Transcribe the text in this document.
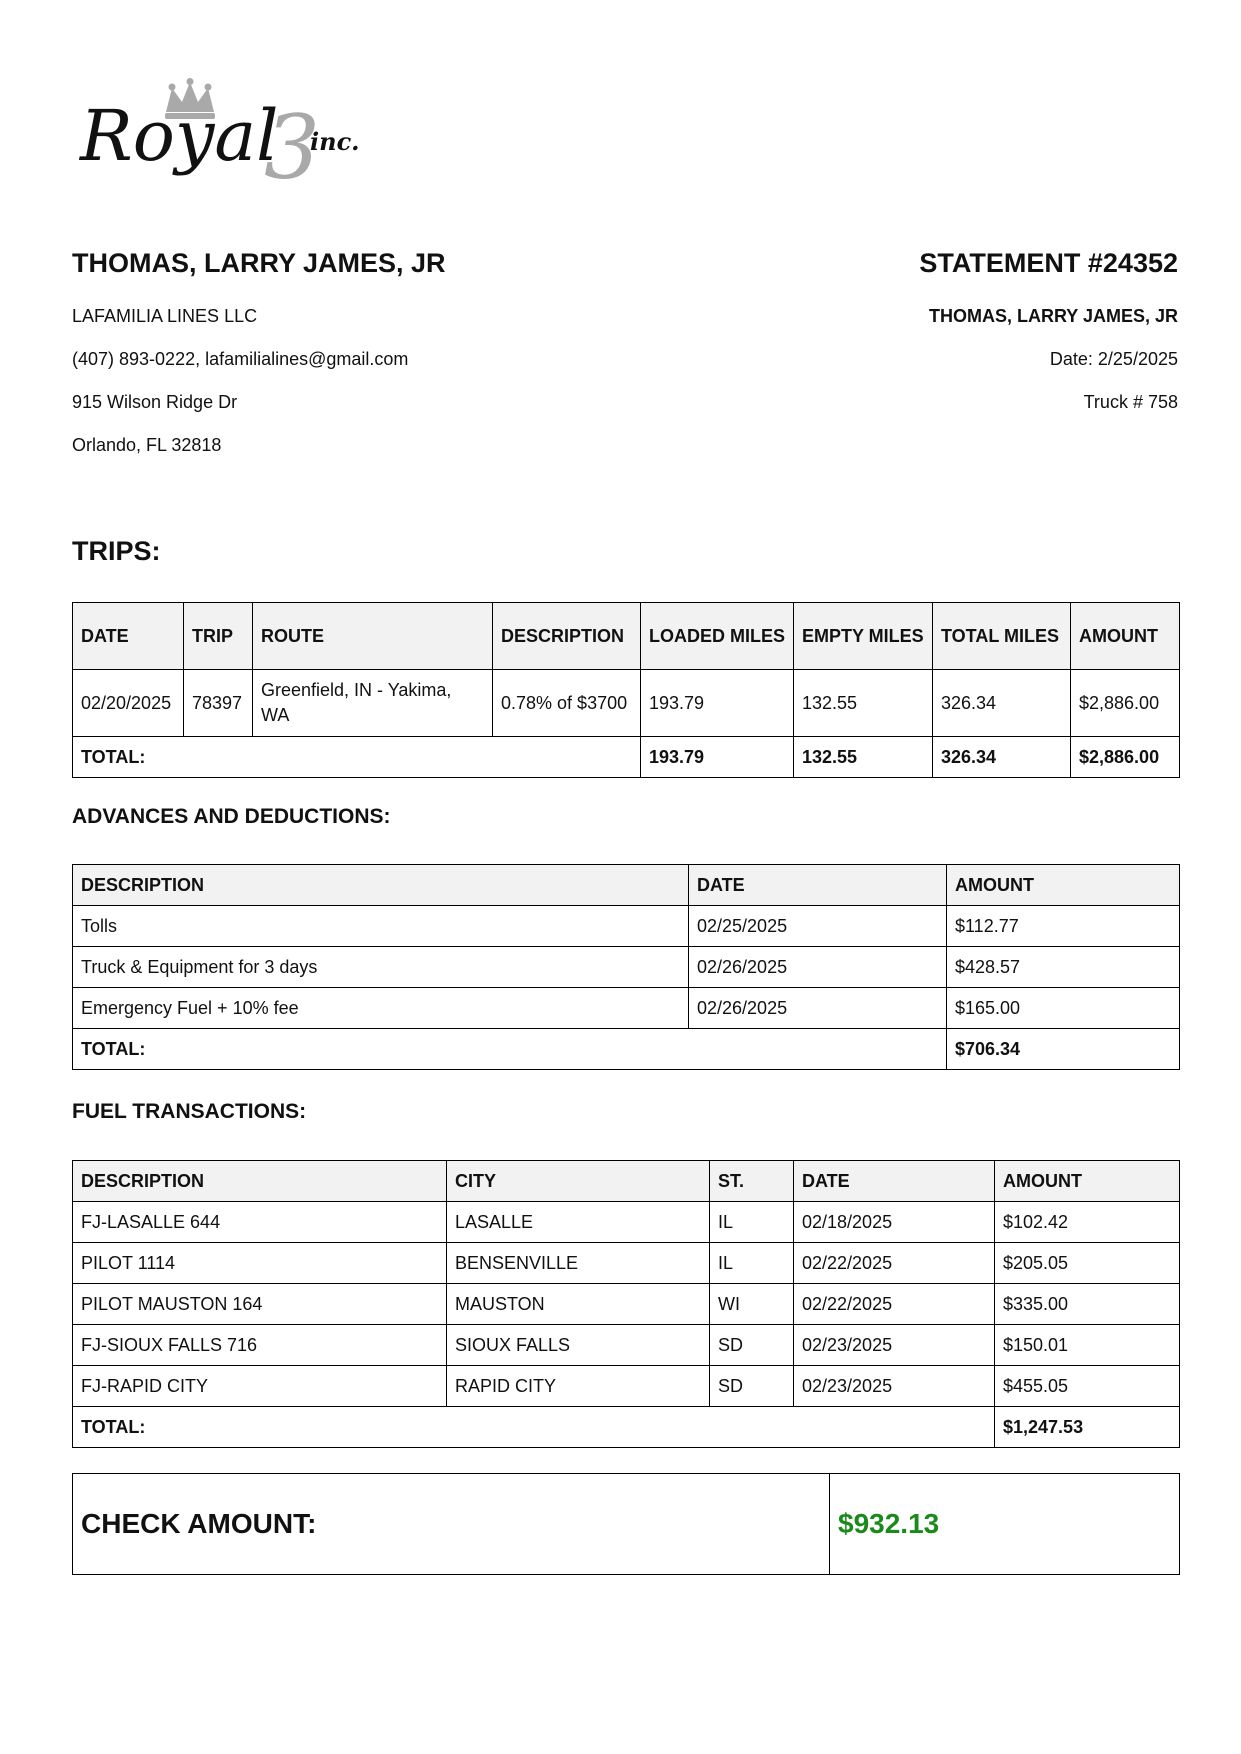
Royal
3
inc.

THOMAS, LARRY JAMES, JR

LAFAMILIA LINES LLC

(407) 893-0222, lafamilialines@gmail.com

915 Wilson Ridge Dr

Orlando, FL 32818

STATEMENT #24352

THOMAS, LARRY JAMES, JR

Date: 2/25/2025

Truck # 758

TRIPS:

DATE	TRIP	ROUTE	DESCRIPTION	LOADED MILES	EMPTY MILES	TOTAL MILES	AMOUNT
02/20/2025	78397	Greenfield, IN - Yakima, WA	0.78% of $3700	193.79	132.55	326.34	$2,886.00
TOTAL:				193.79	132.55	326.34	$2,886.00

ADVANCES AND DEDUCTIONS:

DESCRIPTION	DATE	AMOUNT
Tolls	02/25/2025	$112.77
Truck & Equipment for 3 days	02/26/2025	$428.57
Emergency Fuel + 10% fee	02/26/2025	$165.00
TOTAL:		$706.34

FUEL TRANSACTIONS:

DESCRIPTION	CITY	ST.	DATE	AMOUNT
FJ-LASALLE 644	LASALLE	IL	02/18/2025	$102.42
PILOT 1114	BENSENVILLE	IL	02/22/2025	$205.05
PILOT MAUSTON 164	MAUSTON	WI	02/22/2025	$335.00
FJ-SIOUX FALLS 716	SIOUX FALLS	SD	02/23/2025	$150.01
FJ-RAPID CITY	RAPID CITY	SD	02/23/2025	$455.05
TOTAL:				$1,247.53
CHECK AMOUNT:	$932.13
